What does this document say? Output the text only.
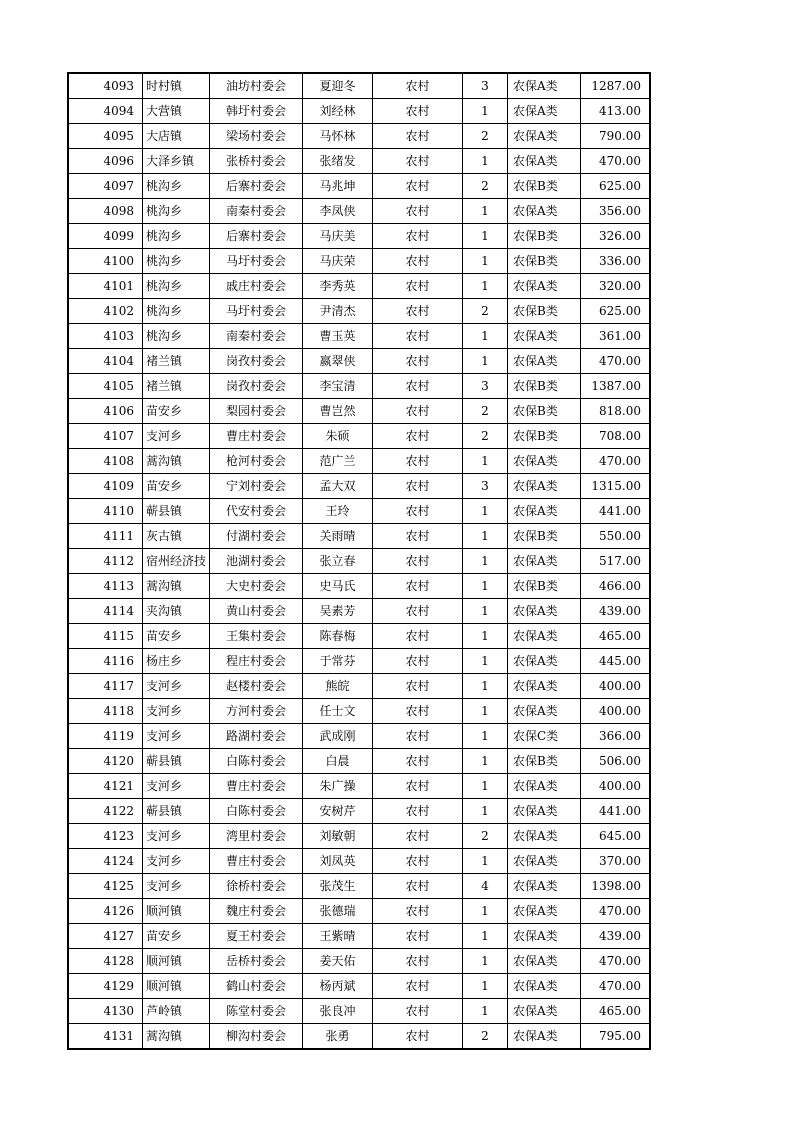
4093	时村镇	油坊村委会	夏迎冬	农村	3	农保A类	1287.00
4094	大营镇	韩圩村委会	刘经林	农村	1	农保A类	413.00
4095	大店镇	梁场村委会	马怀林	农村	2	农保A类	790.00
4096	大泽乡镇	张桥村委会	张绪发	农村	1	农保A类	470.00
4097	桃沟乡	后寨村委会	马兆坤	农村	2	农保B类	625.00
4098	桃沟乡	南秦村委会	李凤侠	农村	1	农保A类	356.00
4099	桃沟乡	后寨村委会	马庆美	农村	1	农保B类	326.00
4100	桃沟乡	马圩村委会	马庆荣	农村	1	农保B类	336.00
4101	桃沟乡	戚庄村委会	李秀英	农村	1	农保A类	320.00
4102	桃沟乡	马圩村委会	尹清杰	农村	2	农保B类	625.00
4103	桃沟乡	南秦村委会	曹玉英	农村	1	农保A类	361.00
4104	褚兰镇	岗孜村委会	嬴翠侠	农村	1	农保A类	470.00
4105	褚兰镇	岗孜村委会	李宝清	农村	3	农保B类	1387.00
4106	苗安乡	梨园村委会	曹岂然	农村	2	农保B类	818.00
4107	支河乡	曹庄村委会	朱硕	农村	2	农保B类	708.00
4108	蒿沟镇	枪河村委会	范广兰	农村	1	农保A类	470.00
4109	苗安乡	宁刘村委会	孟大双	农村	3	农保A类	1315.00
4110	蕲县镇	代安村委会	王玲	农村	1	农保A类	441.00
4111	灰古镇	付湖村委会	关雨晴	农村	1	农保B类	550.00
4112	宿州经济技	池湖村委会	张立春	农村	1	农保A类	517.00
4113	蒿沟镇	大史村委会	史马氏	农村	1	农保B类	466.00
4114	夹沟镇	黄山村委会	吴素芳	农村	1	农保A类	439.00
4115	苗安乡	王集村委会	陈春梅	农村	1	农保A类	465.00
4116	杨庄乡	程庄村委会	于常芬	农村	1	农保A类	445.00
4117	支河乡	赵楼村委会	熊皖	农村	1	农保A类	400.00
4118	支河乡	方河村委会	任士文	农村	1	农保A类	400.00
4119	支河乡	路湖村委会	武成刚	农村	1	农保C类	366.00
4120	蕲县镇	白陈村委会	白晨	农村	1	农保B类	506.00
4121	支河乡	曹庄村委会	朱广操	农村	1	农保A类	400.00
4122	蕲县镇	白陈村委会	安树芹	农村	1	农保A类	441.00
4123	支河乡	湾里村委会	刘敏朝	农村	2	农保A类	645.00
4124	支河乡	曹庄村委会	刘凤英	农村	1	农保A类	370.00
4125	支河乡	徐桥村委会	张茂生	农村	4	农保A类	1398.00
4126	顺河镇	魏庄村委会	张德瑞	农村	1	农保A类	470.00
4127	苗安乡	夏王村委会	王紫晴	农村	1	农保A类	439.00
4128	顺河镇	岳桥村委会	姜天佑	农村	1	农保A类	470.00
4129	顺河镇	鹤山村委会	杨丙斌	农村	1	农保A类	470.00
4130	芦岭镇	陈堂村委会	张良冲	农村	1	农保A类	465.00
4131	蒿沟镇	柳沟村委会	张勇	农村	2	农保A类	795.00
